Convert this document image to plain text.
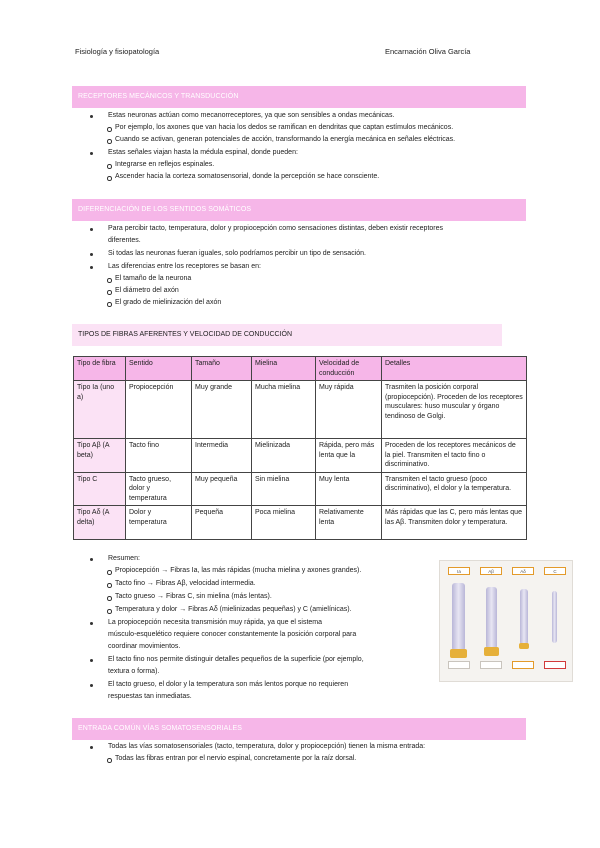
Fisiología y fisiopatología	Encarnación Oliva García
RECEPTORES MECÁNICOS Y TRANSDUCCIÓN
Estas neuronas actúan como mecanorreceptores, ya que son sensibles a ondas mecánicas.
Por ejemplo, los axones que van hacia los dedos se ramifican en dendritas que captan estímulos mecánicos.
Cuando se activan, generan potenciales de acción, transformando la energía mecánica en señales eléctricas.
Estas señales viajan hasta la médula espinal, donde pueden:
Integrarse en reflejos espinales.
Ascender hacia la corteza somatosensorial, donde la percepción se hace consciente.
DIFERENCIACIÓN DE LOS SENTIDOS SOMÁTICOS
Para percibir tacto, temperatura, dolor y propiocepción como sensaciones distintas, deben existir receptores
diferentes.
Si todas las neuronas fueran iguales, solo podríamos percibir un tipo de sensación.
Las diferencias entre los receptores se basan en:
El tamaño de la neurona
El diámetro del axón
El grado de mielinización del axón
TIPOS DE FIBRAS AFERENTES Y VELOCIDAD DE CONDUCCIÓN
Tipo de fibra	Sentido	Tamaño	Mielina	Velocidad de conducción	Detalles
Tipo Ia (uno a)	Propiocepción	Muy grande	Mucha mielina	Muy rápida	Trasmiten la posición corporal (propiocepción). Proceden de los receptores musculares: huso muscular y órgano tendinoso de Golgi.
Tipo Aβ (A beta)	Tacto fino	Intermedia	Mielinizada	Rápida, pero más lenta que la	Proceden de los receptores mecánicos de la piel. Transmiten el tacto fino o discriminativo.
Tipo C	Tacto grueso, dolor y temperatura	Muy pequeña	Sin mielina	Muy lenta	Transmiten el tacto grueso (poco discriminativo), el dolor y la temperatura.
Tipo Aδ (A delta)	Dolor y temperatura	Pequeña	Poca mielina	Relativamente lenta	Más rápidas que las C, pero más lentas que las Aβ. Transmiten dolor y temperatura.
Resumen:
Propiocepción → Fibras Ia, las más rápidas (mucha mielina y axones grandes).
Tacto fino → Fibras Aβ, velocidad intermedia.
Tacto grueso → Fibras C, sin mielina (más lentas).
Temperatura y dolor → Fibras Aδ (mielinizadas pequeñas) y C (amielínicas).
La propiocepción necesita transmisión muy rápida, ya que el sistema
músculo-esquelético requiere conocer constantemente la posición corporal para
coordinar movimientos.
El tacto fino nos permite distinguir detalles pequeños de la superficie (por ejemplo,
textura o forma).
El tacto grueso, el dolor y la temperatura son más lentos porque no requieren
respuestas tan inmediatas.
Ia	Aβ	Aδ	C
ENTRADA COMÚN VÍAS SOMATOSENSORIALES
Todas las vías somatosensoriales (tacto, temperatura, dolor y propiocepción) tienen la misma entrada:
Todas las fibras entran por el nervio espinal, concretamente por la raíz dorsal.
